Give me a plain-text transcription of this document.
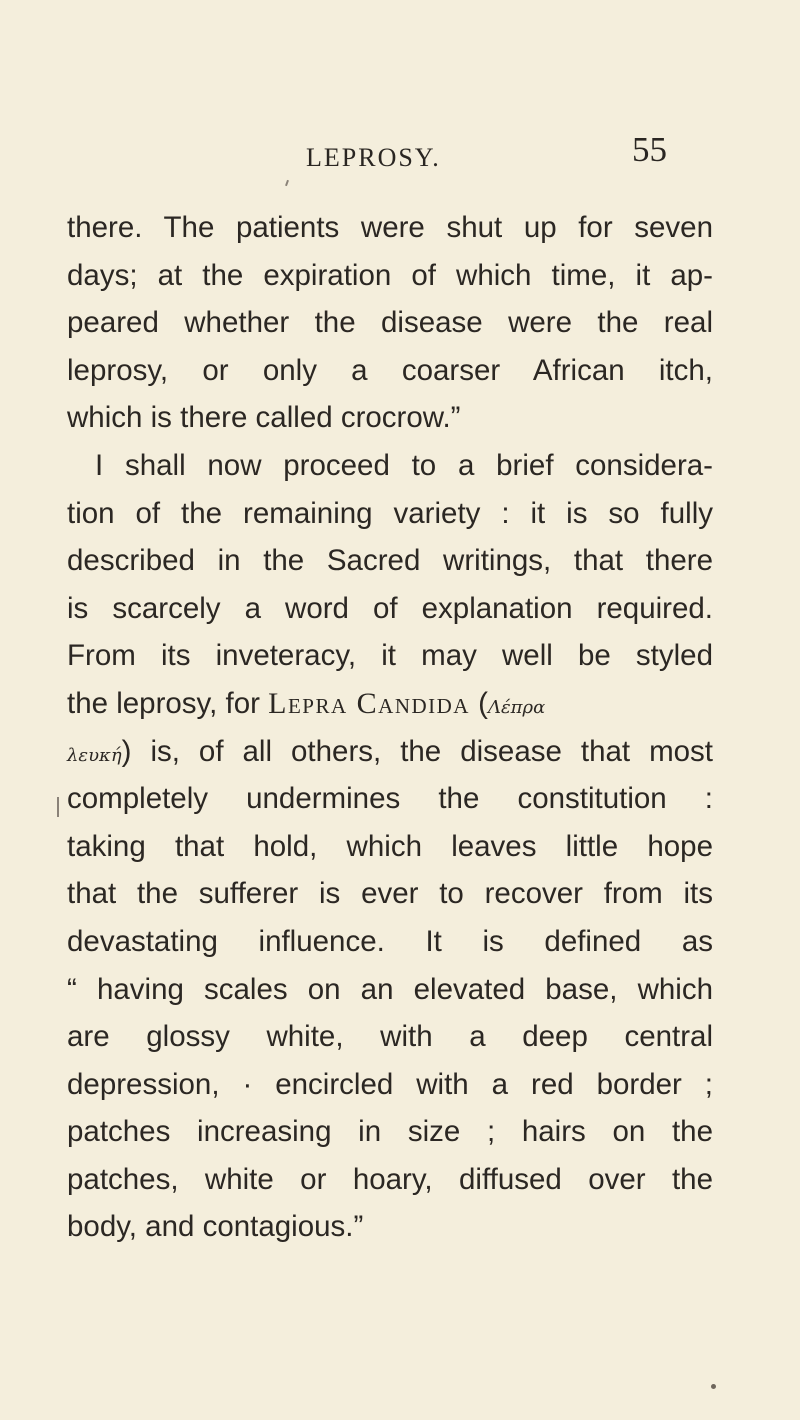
LEPROSY.	55
there. The patients were shut up for seven
days; at the expiration of which time, it ap-
peared whether the disease were the real
leprosy, or only a coarser African itch,
which is there called crocrow.”
I shall now proceed to a brief considera-
tion of the remaining variety : it is so fully
described in the Sacred writings, that there
is scarcely a word of explanation required.
From its inveteracy, it may well be styled
the leprosy, for Lepra Candida (Λέπρα
λευκή) is, of all others, the disease that most
completely undermines the constitution :
taking that hold, which leaves little hope
that the sufferer is ever to recover from its
devastating influence. It is defined as
“ having scales on an elevated base, which
are glossy white, with a deep central
depression, · encircled with a red border ;
patches increasing in size ; hairs on the
patches, white or hoary, diffused over the
body, and contagious.”
